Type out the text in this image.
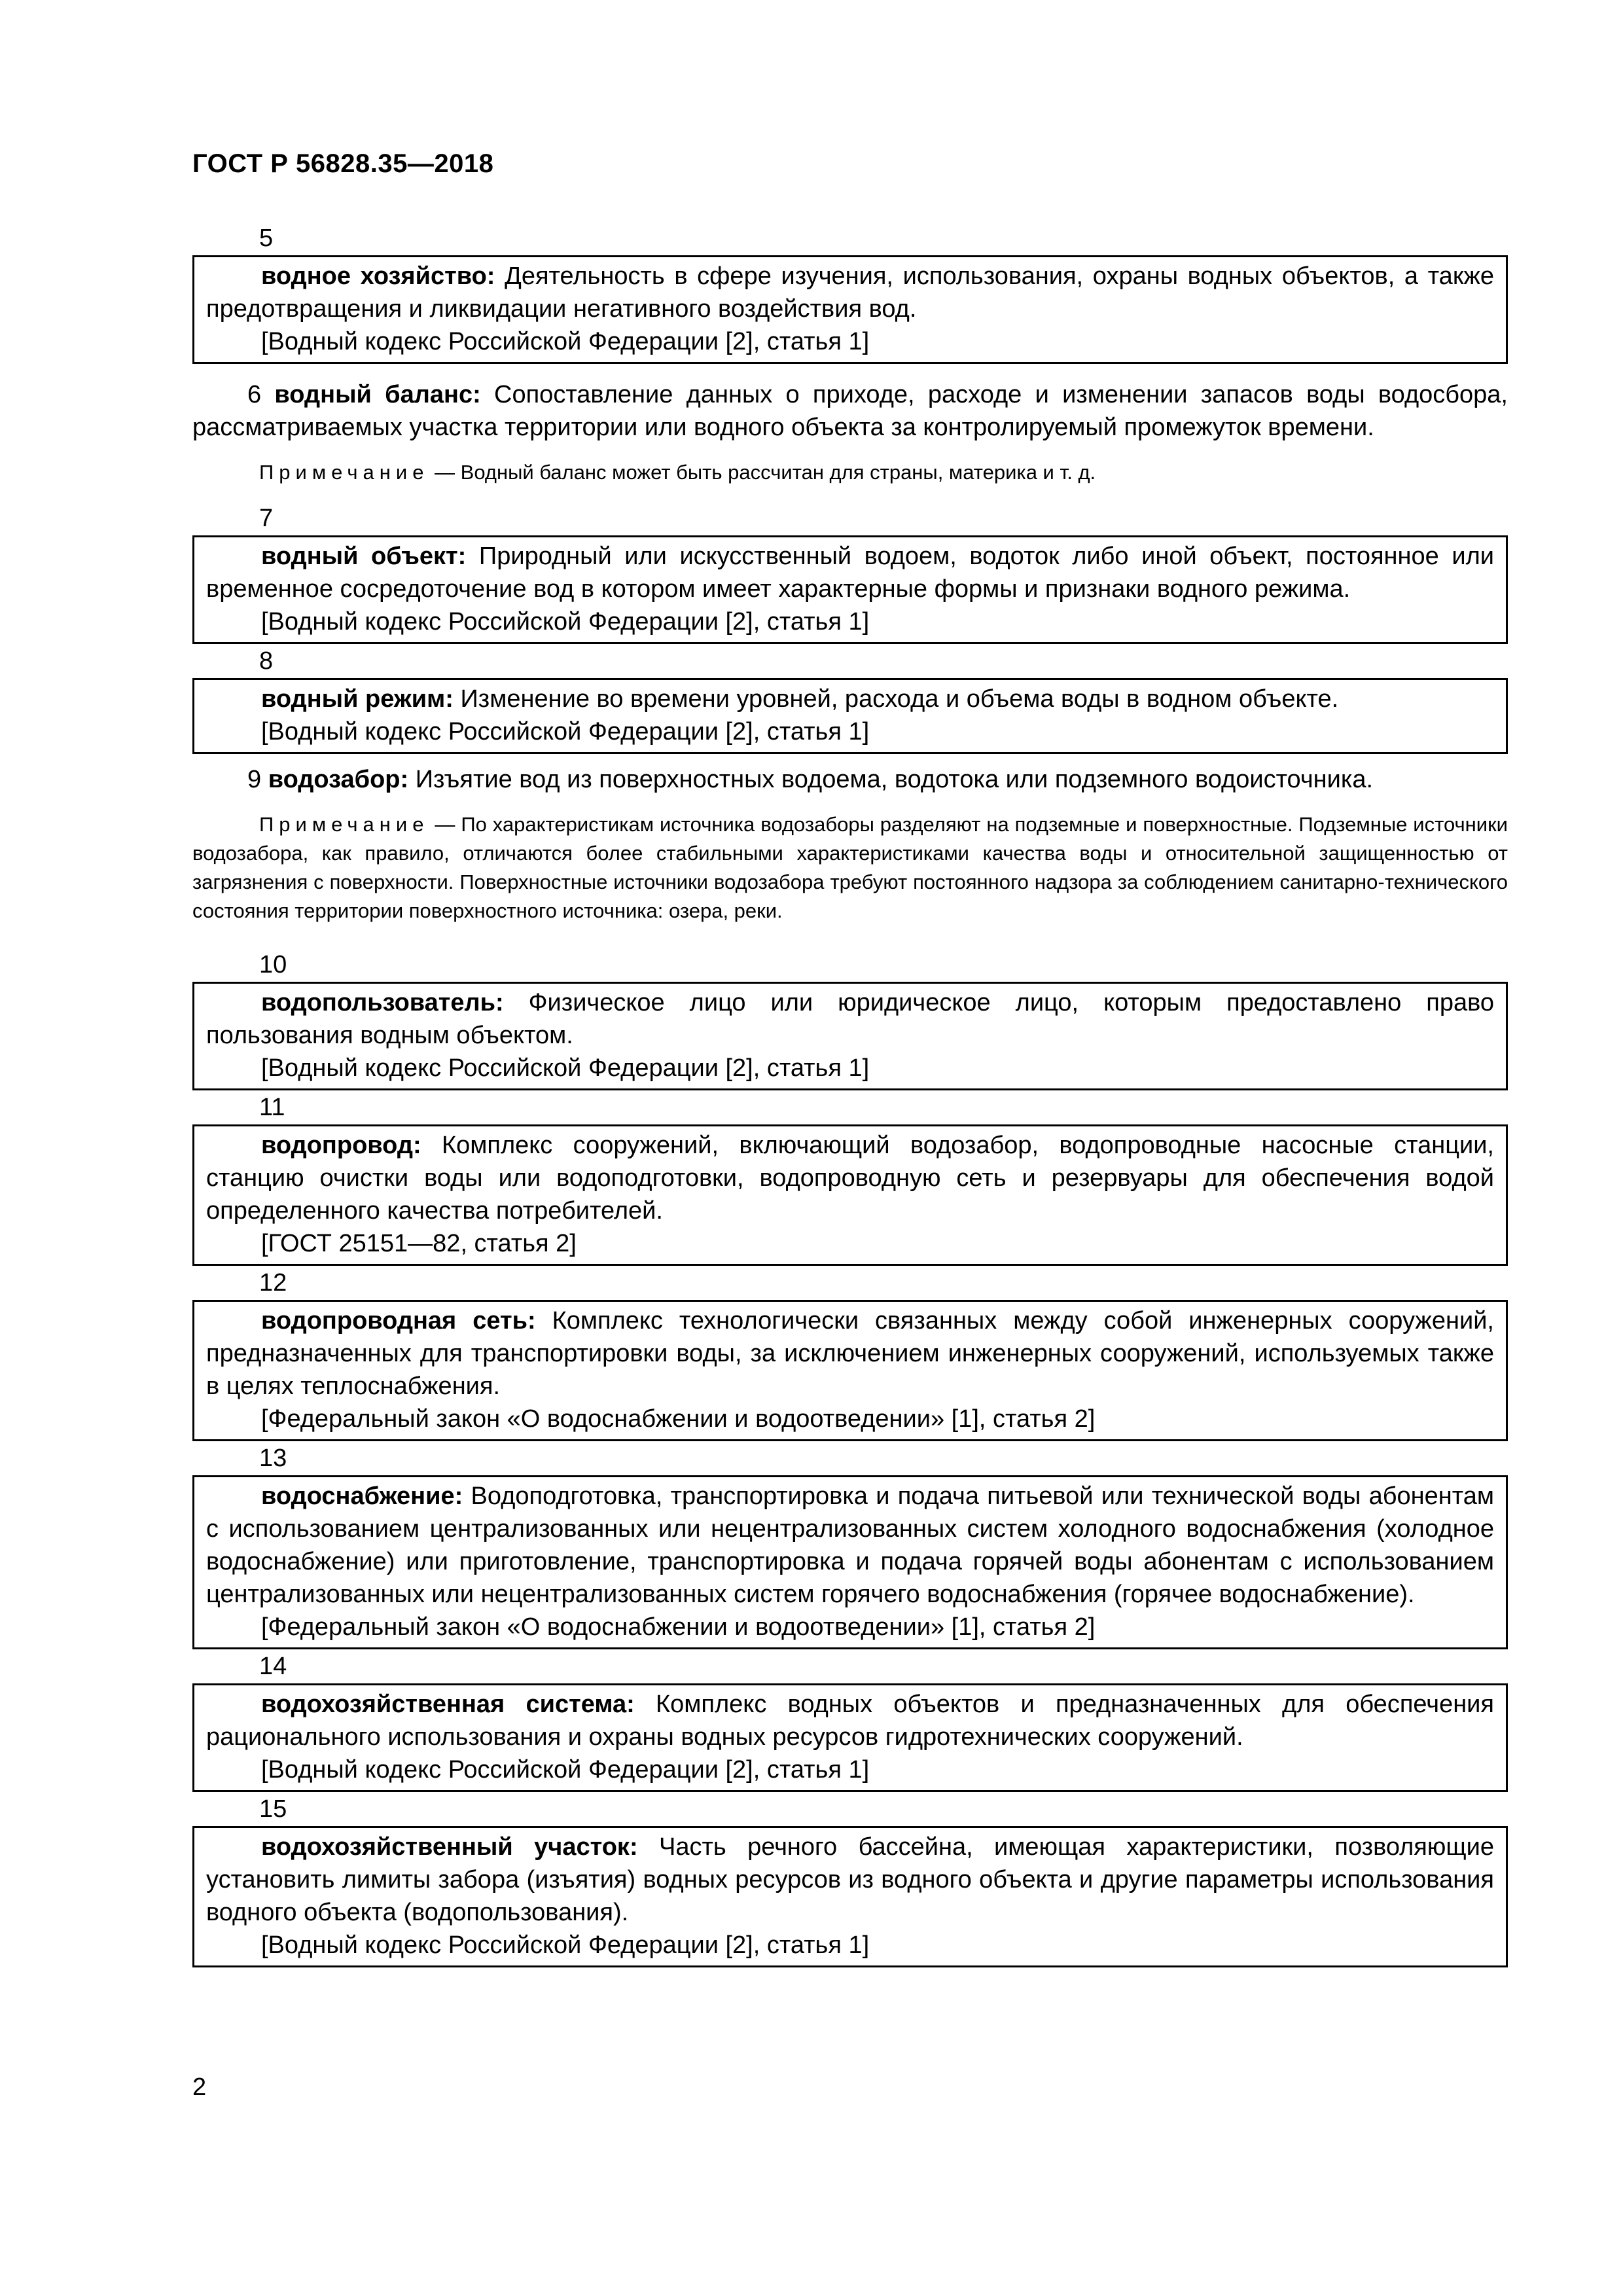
ГОСТ Р 56828.35—2018
5

водное хозяйство: Деятельность в сфере изучения, использования, охраны водных объектов, а также предотвращения и ликвидации негативного воздействия вод.

[Водный кодекс Российской Федерации [2], статья 1]

6 водный баланс: Сопоставление данных о приходе, расходе и изменении запасов воды водосбора, рассматриваемых участка территории или водного объекта за контролируемый промежуток времени.

Примечание — Водный баланс может быть рассчитан для страны, материка и т. д.

7

водный объект: Природный или искусственный водоем, водоток либо иной объект, постоянное или временное сосредоточение вод в котором имеет характерные формы и признаки водного режима.

[Водный кодекс Российской Федерации [2], статья 1]

8

водный режим: Изменение во времени уровней, расхода и объема воды в водном объекте.

[Водный кодекс Российской Федерации [2], статья 1]

9 водозабор: Изъятие вод из поверхностных водоема, водотока или подземного водоисточника.

Примечание — По характеристикам источника водозаборы разделяют на подземные и поверхностные. Подземные источники водозабора, как правило, отличаются более стабильными характеристиками качества воды и относительной защищенностью от загрязнения с поверхности. Поверхностные источники водозабора требуют постоянного надзора за соблюдением санитарно-технического состояния территории поверхностного источника: озера, реки.

10

водопользователь: Физическое лицо или юридическое лицо, которым предоставлено право пользования водным объектом.

[Водный кодекс Российской Федерации [2], статья 1]

11

водопровод: Комплекс сооружений, включающий водозабор, водопроводные насосные станции, станцию очистки воды или водоподготовки, водопроводную сеть и резервуары для обеспечения водой определенного качества потребителей.

[ГОСТ 25151—82, статья 2]

12

водопроводная сеть: Комплекс технологически связанных между собой инженерных сооружений, предназначенных для транспортировки воды, за исключением инженерных сооружений, используемых также в целях теплоснабжения.

[Федеральный закон «О водоснабжении и водоотведении» [1], статья 2]

13

водоснабжение: Водоподготовка, транспортировка и подача питьевой или технической воды абонентам с использованием централизованных или нецентрализованных систем холодного водоснабжения (холодное водоснабжение) или приготовление, транспортировка и подача горячей воды абонентам с использованием централизованных или нецентрализованных систем горячего водоснабжения (горячее водоснабжение).

[Федеральный закон «О водоснабжении и водоотведении» [1], статья 2]

14

водохозяйственная система: Комплекс водных объектов и предназначенных для обеспечения рационального использования и охраны водных ресурсов гидротехнических сооружений.

[Водный кодекс Российской Федерации [2], статья 1]

15

водохозяйственный участок: Часть речного бассейна, имеющая характеристики, позволяющие установить лимиты забора (изъятия) водных ресурсов из водного объекта и другие параметры использования водного объекта (водопользования).

[Водный кодекс Российской Федерации [2], статья 1]

2
